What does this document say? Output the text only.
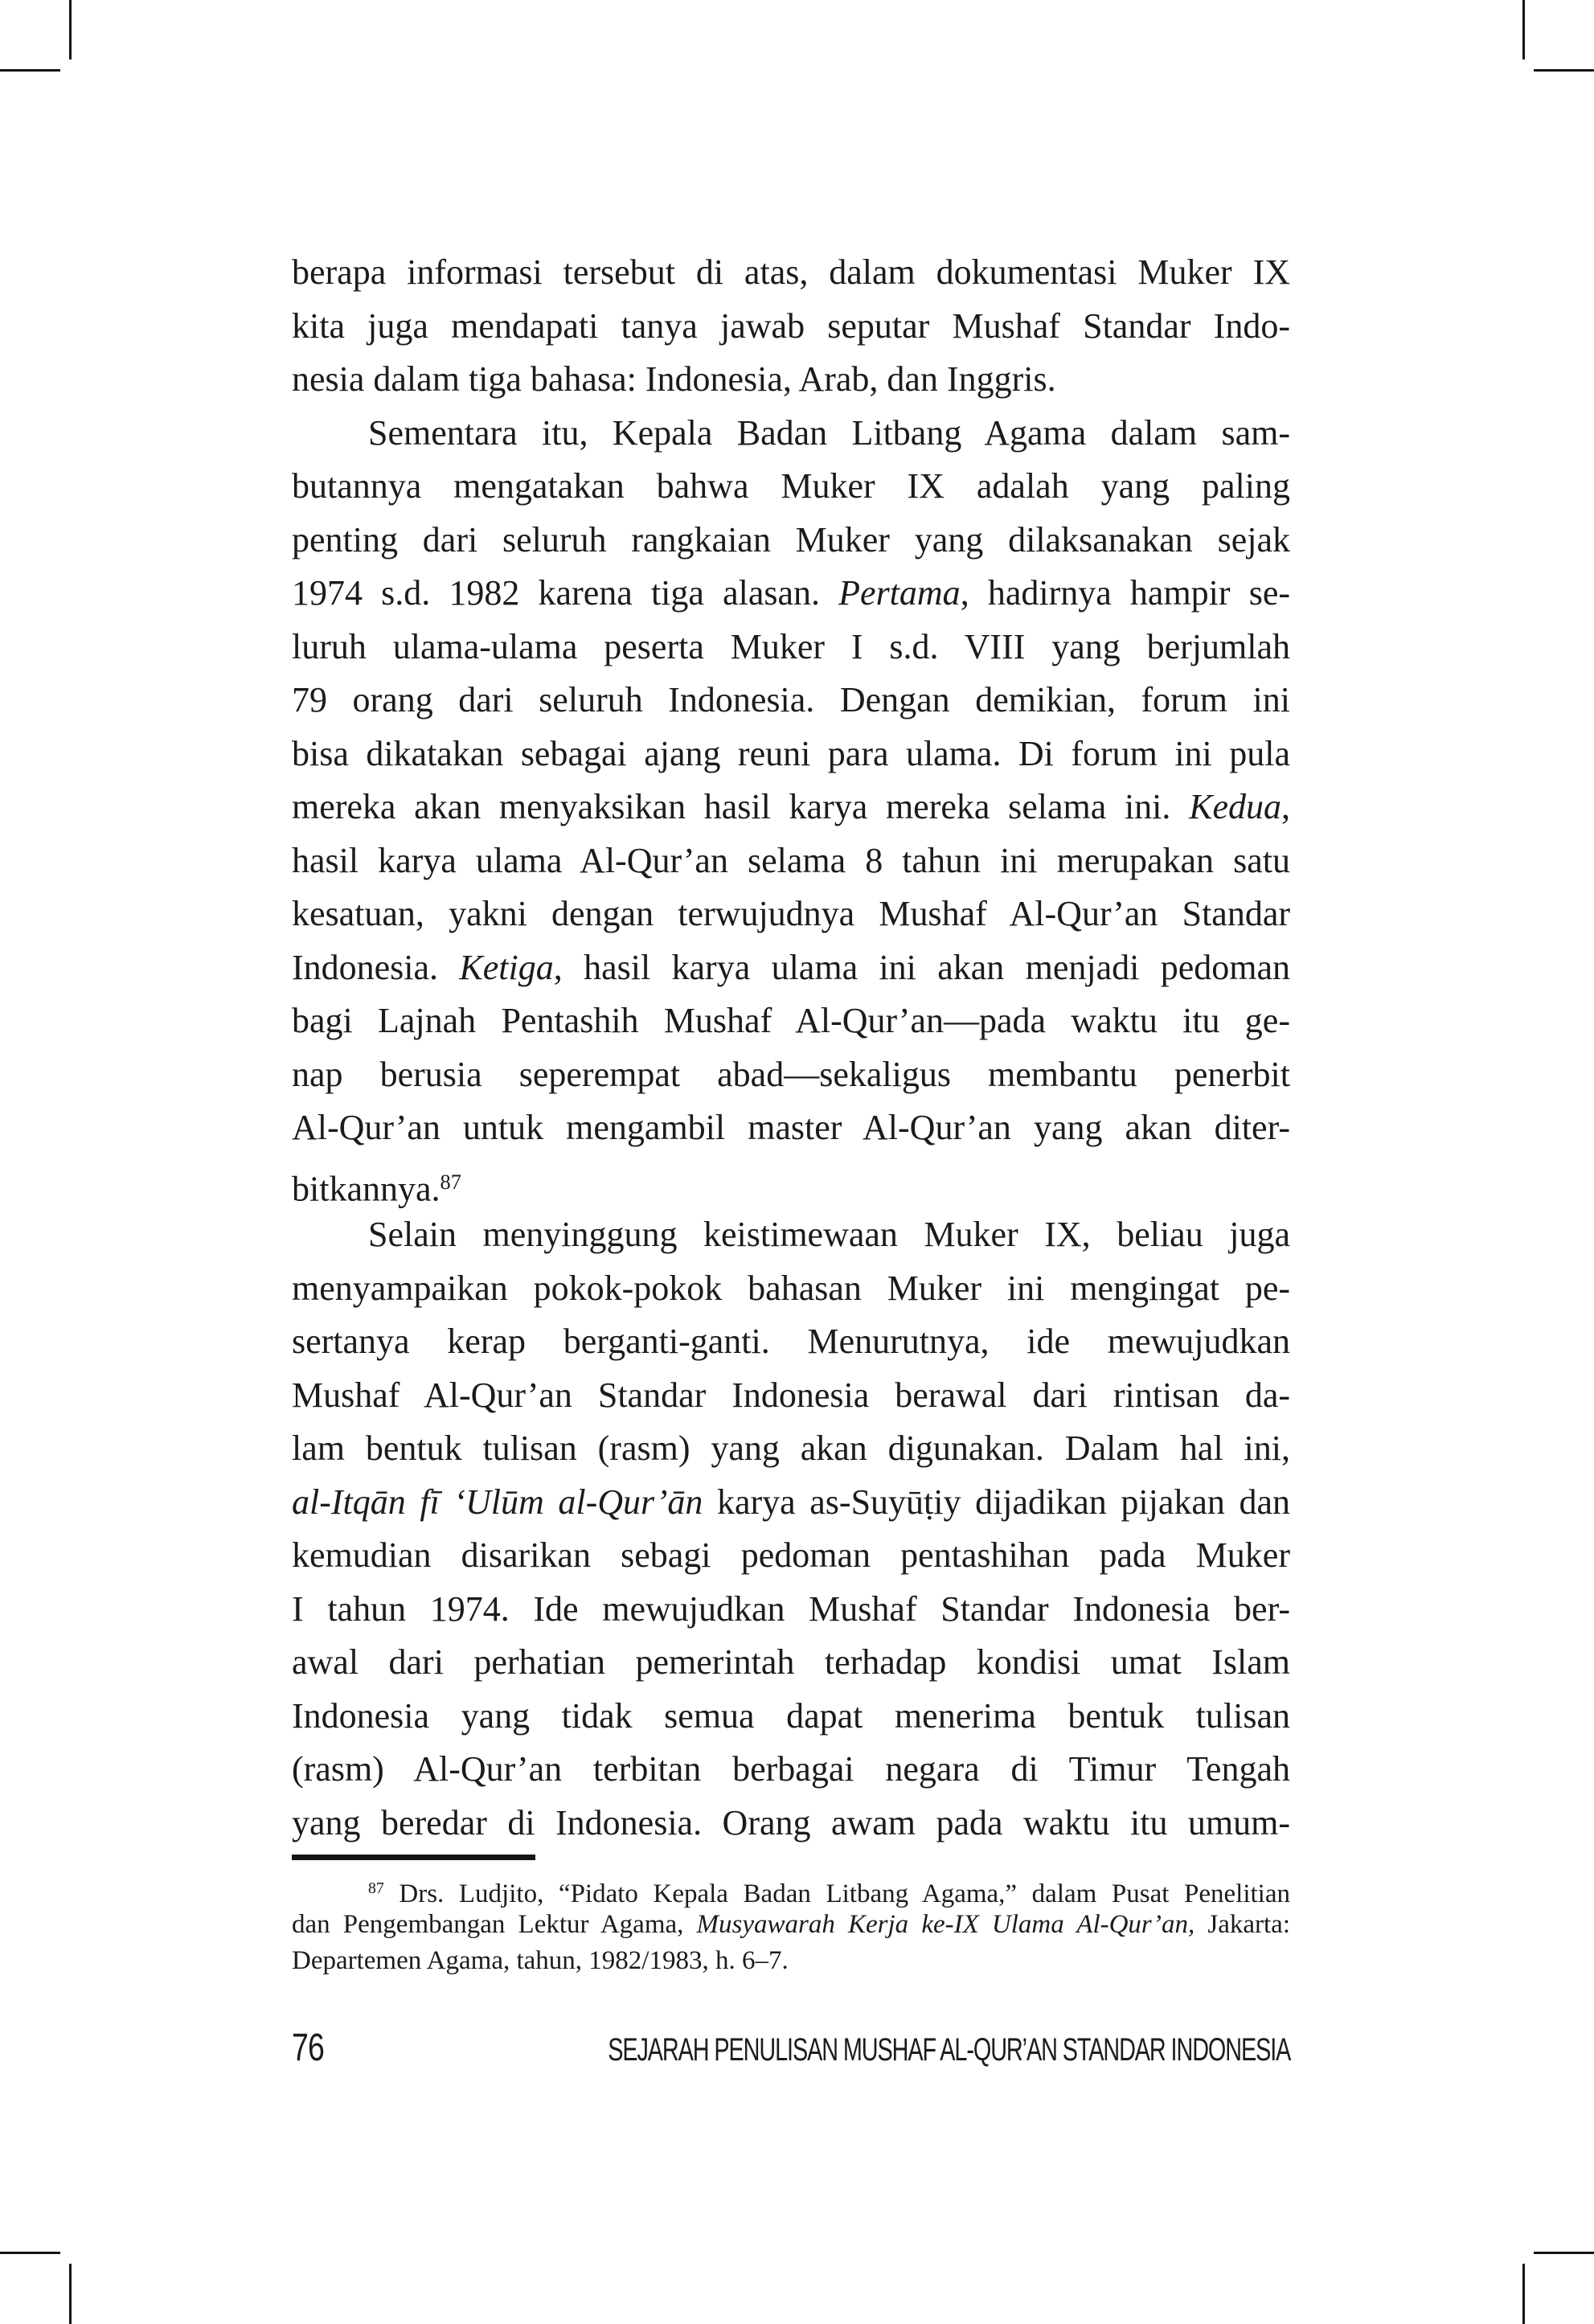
berapa informasi tersebut di atas, dalam dokumentasi Muker IX
kita juga mendapati tanya jawab seputar Mushaf Standar Indo-
nesia dalam tiga bahasa: Indonesia, Arab, dan Inggris.
Sementara itu, Kepala Badan Litbang Agama dalam sam-
butannya mengatakan bahwa Muker IX adalah yang paling
penting dari seluruh rangkaian Muker yang dilaksanakan sejak
1974 s.d. 1982 karena tiga alasan. Pertama, hadirnya hampir se-
luruh ulama-ulama peserta Muker I s.d. VIII yang berjumlah
79 orang dari seluruh Indonesia. Dengan demikian, forum ini
bisa dikatakan sebagai ajang reuni para ulama. Di forum ini pula
mereka akan menyaksikan hasil karya mereka selama ini. Kedua,
hasil karya ulama Al-Qur’an selama 8 tahun ini merupakan satu
kesatuan, yakni dengan terwujudnya Mushaf Al-Qur’an Standar
Indonesia. Ketiga, hasil karya ulama ini akan menjadi pedoman
bagi Lajnah Pentashih Mushaf Al-Qur’an—pada waktu itu ge-
nap berusia seperempat abad—sekaligus membantu penerbit
Al-Qur’an untuk mengambil master Al-Qur’an yang akan diter-
bitkannya.$^{87}$
Selain menyinggung keistimewaan Muker IX, beliau juga
menyampaikan pokok-pokok bahasan Muker ini mengingat pe-
sertanya kerap berganti-ganti. Menurutnya, ide mewujudkan
Mushaf Al-Qur’an Standar Indonesia berawal dari rintisan da-
lam bentuk tulisan (rasm) yang akan digunakan. Dalam hal ini,
al-Itqān fī ‘Ulūm al-Qur’ān karya as-Suyūṭiy dijadikan pijakan dan
kemudian disarikan sebagi pedoman pentashihan pada Muker
I tahun 1974. Ide mewujudkan Mushaf Standar Indonesia ber-
awal dari perhatian pemerintah terhadap kondisi umat Islam
Indonesia yang tidak semua dapat menerima bentuk tulisan
(rasm) Al-Qur’an terbitan berbagai negara di Timur Tengah
yang beredar di Indonesia. Orang awam pada waktu itu umum-
$^{87}$ Drs. Ludjito, “Pidato Kepala Badan Litbang Agama,” dalam Pusat Penelitian
dan Pengembangan Lektur Agama, Musyawarah Kerja ke-IX Ulama Al-Qur’an, Jakarta:
Departemen Agama, tahun, 1982/1983, h. 6–7.
76	SEJARAH PENULISAN MUSHAF AL-QUR’AN STANDAR INDONESIA
